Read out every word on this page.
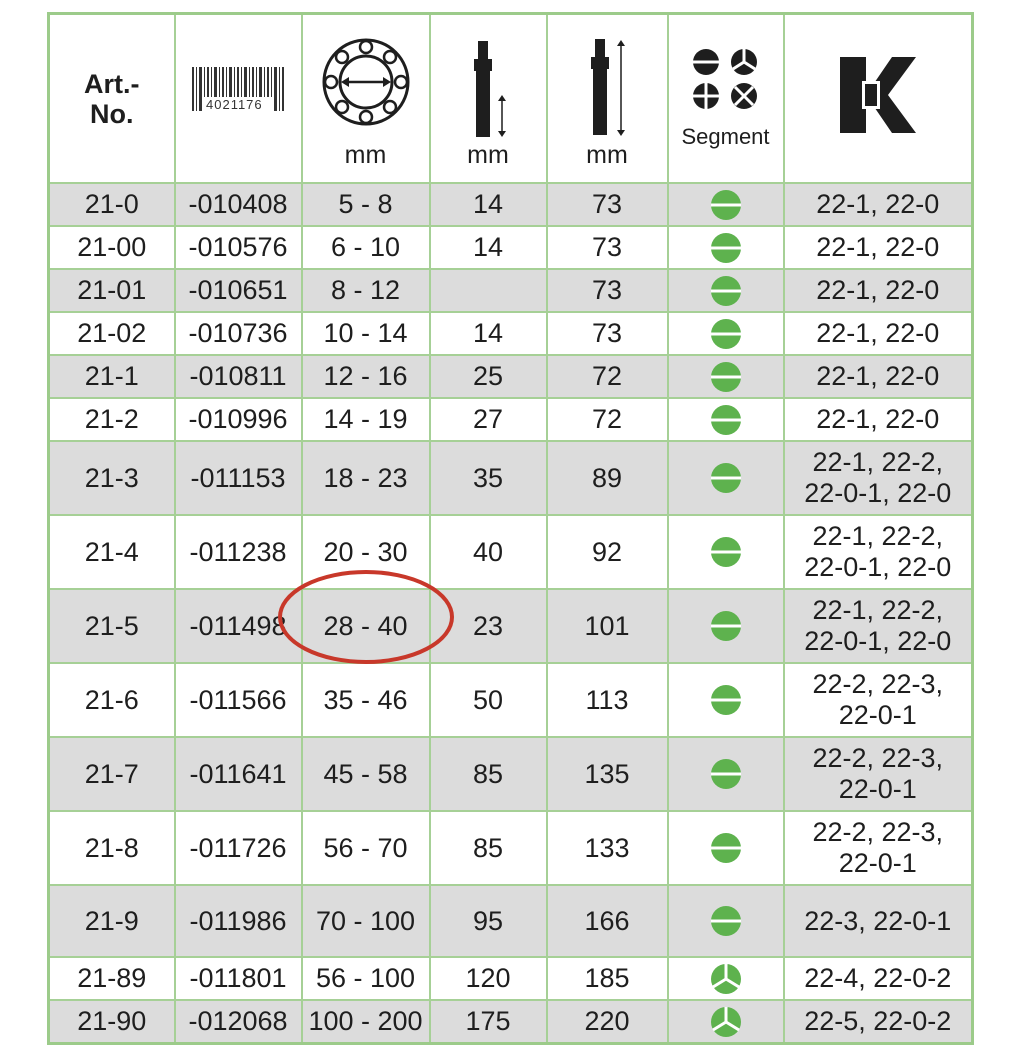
Art.-
No.	4021176	mm	mm	mm	Segment

21-0	-010408	5 - 8	14	73		22-1, 22-0

21-00	-010576	6 - 10	14	73		22-1, 22-0

21-01	-010651	8 - 12		73		22-1, 22-0

21-02	-010736	10 - 14	14	73		22-1, 22-0

21-1	-010811	12 - 16	25	72		22-1, 22-0

21-2	-010996	14 - 19	27	72		22-1, 22-0

21-3	-011153	18 - 23	35	89		22-1, 22-2,
22-0-1, 22-0

21-4	-011238	20 - 30	40	92		22-1, 22-2,
22-0-1, 22-0

21-5	-011498	28 - 40	23	101		22-1, 22-2,
22-0-1, 22-0

21-6	-011566	35 - 46	50	113		22-2, 22-3,
22-0-1

21-7	-011641	45 - 58	85	135		22-2, 22-3,
22-0-1

21-8	-011726	56 - 70	85	133		22-2, 22-3,
22-0-1

21-9	-011986	70 - 100	95	166		22-3, 22-0-1

21-89	-011801	56 - 100	120	185		22-4, 22-0-2

21-90	-012068	100 - 200	175	220		22-5, 22-0-2
